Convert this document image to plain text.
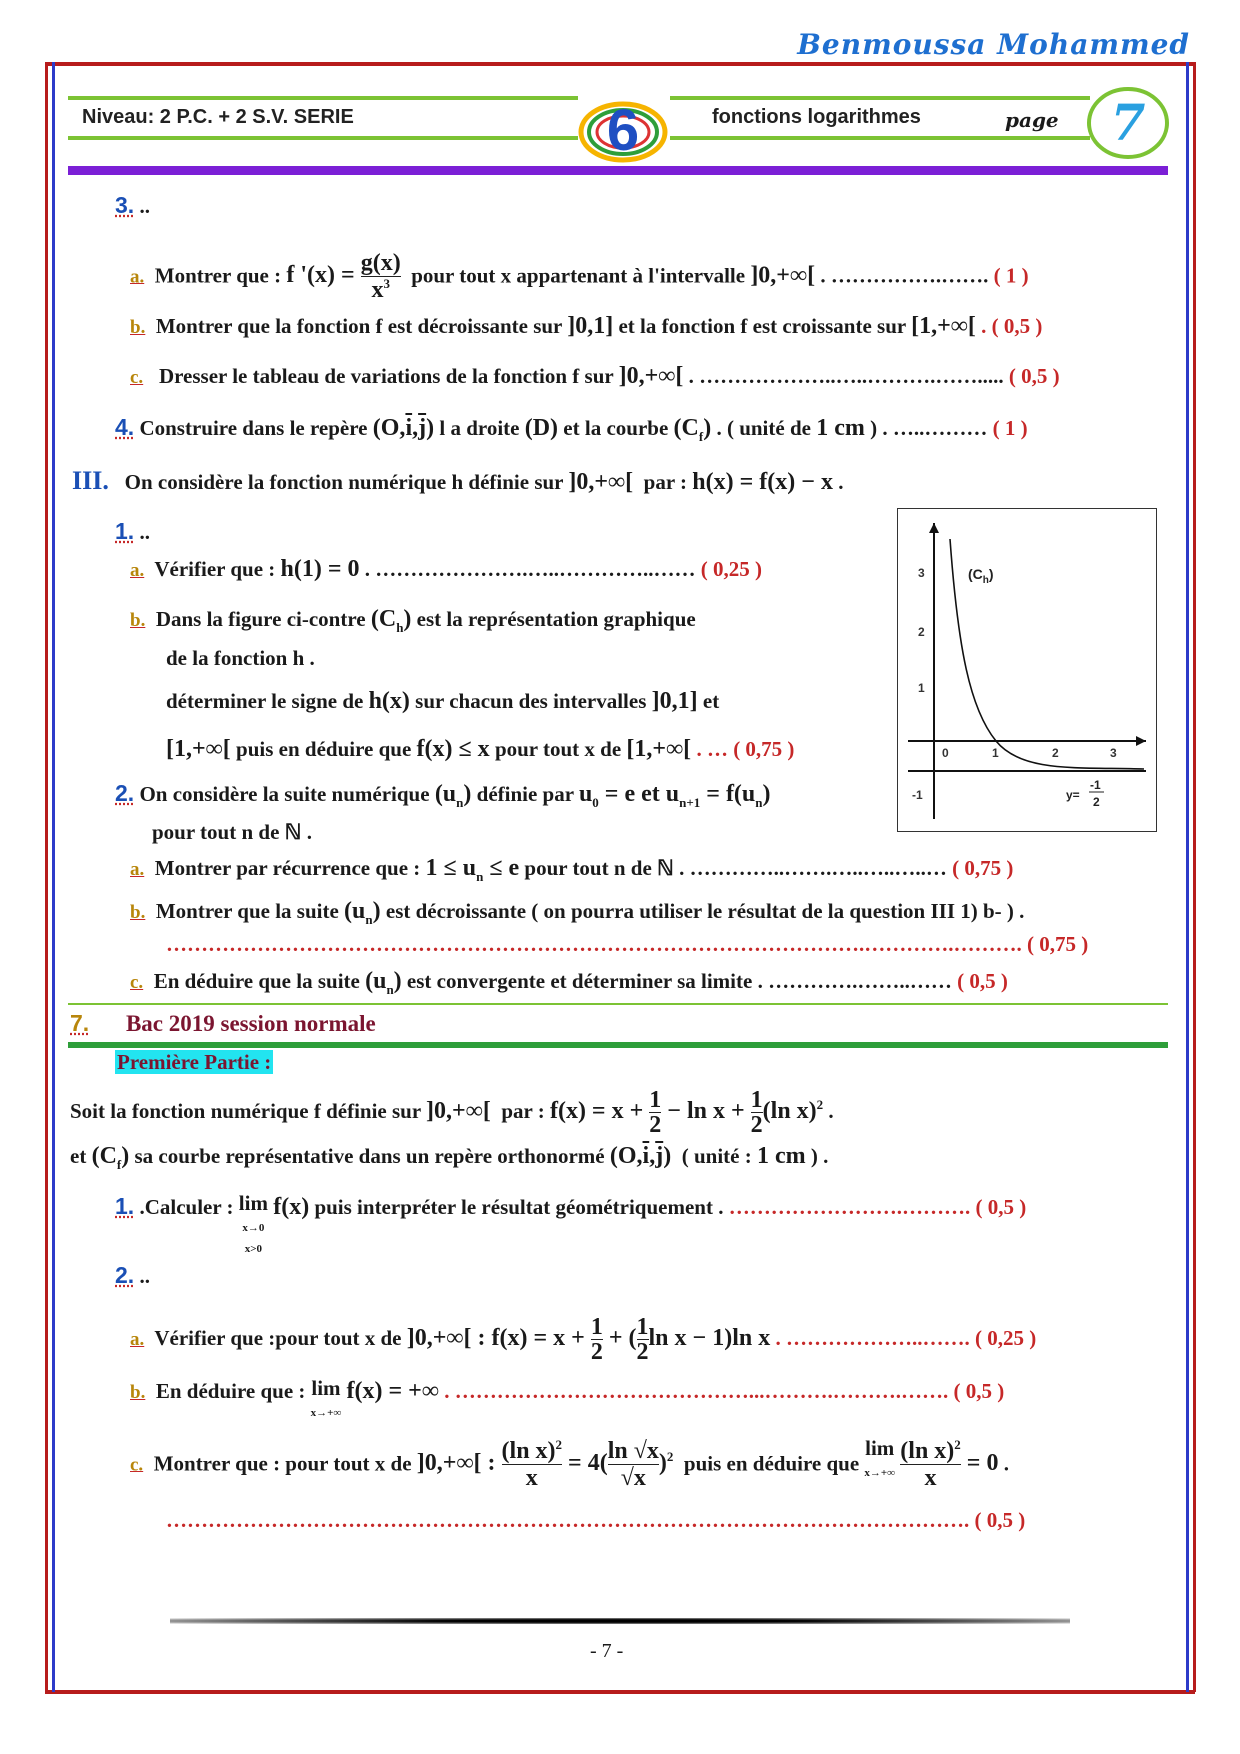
Benmoussa Mohammed
Niveau: 2 P.C. + 2 S.V. SERIE	6	fonctions logarithmes	page 7
3. ..
a. Montrer que : f '$(x) = \frac{g(x)}{x^3}$ pour tout x appartenant à l'intervalle ]0,+∞[ . …………….……. ( 1 )
b. Montrer que la fonction f est décroissante sur ]0,1] et la fonction f est croissante sur [1,+∞[ . ( 0,5 )
c. Dresser le tableau de variations de la fonction f sur ]0,+∞[ . ………………..…..……….……..... ( 0,5 )
4. Construire dans le repère $(O,\overline{i},\overline{j})$ l a droite (D) et la courbe $(C_f)$ . ( unité de 1 cm ) . …..……… ( 1 )
III. On considère la fonction numérique h définie sur ]0,+∞[ par : h(x) = f(x) − x .
1. ..
a. Vérifier que : h(1) = 0 . ………………….…..…………..…… ( 0,25 )
b. Dans la figure ci-contre $(C_h)$ est la représentation graphique
de la fonction h .
déterminer le signe de h(x) sur chacun des intervalles ]0,1] et
[1,+∞[ puis en déduire que f(x) ≤ x pour tout x de [1,+∞[ . … ( 0,75 )	0	1	2	3
3
2
1
-1
$(C_h)$
y=
-1
2
2. On considère la suite numérique $(u_n)$ définie par $u_0 = e$ et $u_{n+1} = f(u_n)$
pour tout n de ℕ .
a. Montrer par récurrence que : $1 \le u_n \le e$ pour tout n de ℕ . …………..…….…..…..…..… ( 0,75 )
b. Montrer que la suite $(u_n)$ est décroissante ( on pourra utiliser le résultat de la question III 1) b- ) .
……………………………………………………………………………………….………….………. ( 0,75 )
c. En déduire que la suite $(u_n)$ est convergente et déterminer sa limite . ………….……..…… ( 0,5 )
7. Bac 2019 session normale
Première Partie :
Soit la fonction numérique f définie sur ]0,+∞[ par : $f(x) = x + \frac{1}{2} - \ln x + \frac{1}{2}(\ln$ x)$^2$ .
et $(C_f)$ sa courbe représentative dans un repère orthonormé $(O,\overline{i},\overline{j})$ ( unité : 1 cm ) .
1. .Calculer : lim
x→0
x>0 f(x) puis interpréter le résultat géométriquement . …………………….………. ( 0,5 )
2. ..
a. Vérifier que :pour tout x de ]0,+∞[ : $f(x) = x + \frac{1}{2}$ + ( $\frac{1}{2}\ln$ x − 1)ln x . ………………..……. ( 0,25 )
b. En déduire que : lim
x→+∞ f(x) = +∞ . ……………………………………...……….……….……. ( 0,5 )
c. Montrer que : pour tout x de ]0,+∞[ : $\frac{(\ln x)^2}{x} = 4( \frac{\ln √x}{√x})^2$ puis en déduire que lim
$x\to+\infty \frac{(\ln x)^2}{x} = 0$ .
……………………………………………………………………………………………………. ( 0,5 )
- 7 -
